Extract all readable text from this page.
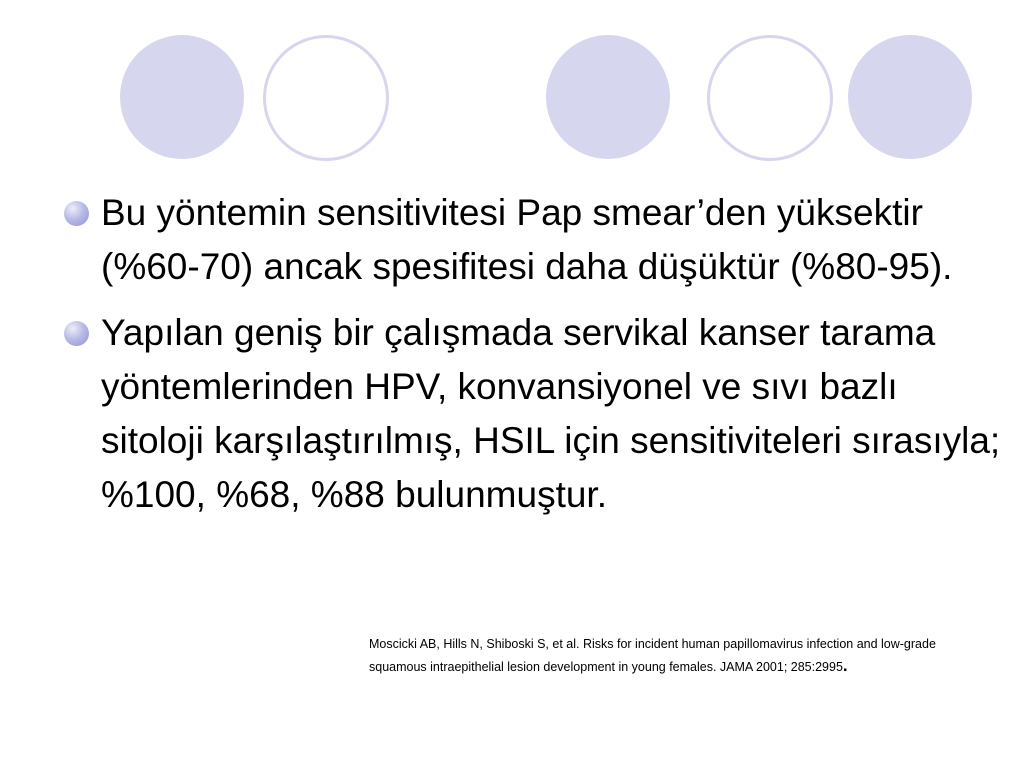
Bu yöntemin sensitivitesi Pap smear’den yüksektir (%60-70) ancak spesifitesi daha düşüktür (%80-95).
Yapılan geniş bir çalışmada servikal kanser tarama yöntemlerinden HPV, konvansiyonel ve sıvı bazlı sitoloji karşılaştırılmış, HSIL için sensitiviteleri sırasıyla; %100, %68, %88 bulunmuştur.
Moscicki AB, Hills N, Shiboski S, et al. Risks for incident human papillomavirus infection and low-grade squamous intraepithelial lesion development in young females. JAMA 2001; 285:2995.
